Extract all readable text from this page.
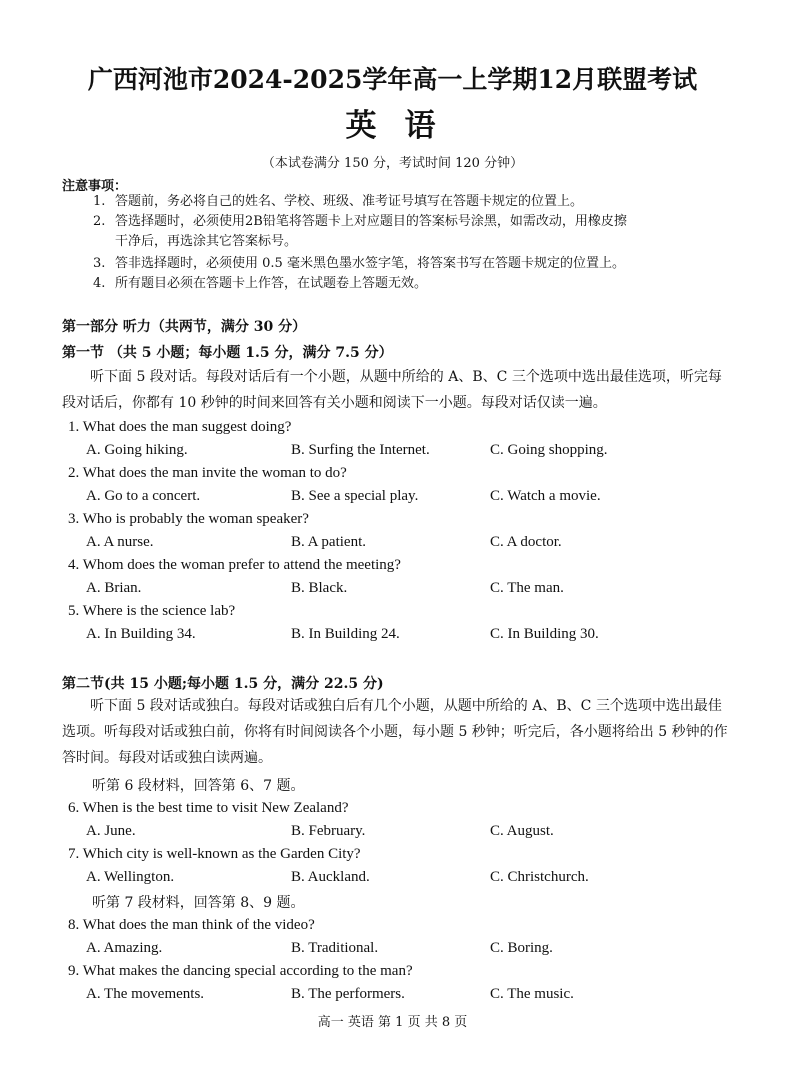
广西河池市2024-2025学年高一上学期12月联盟考试
英语
（本试卷满分 150 分，考试时间 120 分钟）
注意事项：
1. 答题前，务必将自己的姓名、学校、班级、准考证号填写在答题卡规定的位置上。
2. 答选择题时，必须使用2B铅笔将答题卡上对应题目的答案标号涂黑，如需改动，用橡皮擦
干净后，再选涂其它答案标号。
3. 答非选择题时，必须使用 0.5 毫米黑色墨水签字笔，将答案书写在答题卡规定的位置上。
4. 所有题目必须在答题卡上作答，在试题卷上答题无效。
第一部分 听力（共两节，满分 30 分）
第一节 （共 5 小题；每小题 1.5 分，满分 7.5 分）
听下面 5 段对话。每段对话后有一个小题，从题中所给的 A、B、C 三个选项中选出最佳选项，听完每段对话后，你都有 10 秒钟的时间来回答有关小题和阅读下一小题。每段对话仅读一遍。
1. What does the man suggest doing?
A. Going hiking.	B. Surfing the Internet.	C. Going shopping.
2. What does the man invite the woman to do?
A. Go to a concert.	B. See a special play.	C. Watch a movie.
3. Who is probably the woman speaker?
A. A nurse.	B. A patient.	C. A doctor.
4. Whom does the woman prefer to attend the meeting?
A. Brian.	B. Black.	C. The man.
5. Where is the science lab?
A. In Building 34.	B. In Building 24.	C. In Building 30.
第二节(共 15 小题;每小题 1.5 分，满分 22.5 分)
听下面 5 段对话或独白。每段对话或独白后有几个小题，从题中所给的 A、B、C 三个选项中选出最佳选项。听每段对话或独白前，你将有时间阅读各个小题，每小题 5 秒钟；听完后，各小题将给出 5 秒钟的作答时间。每段对话或独白读两遍。
听第 6 段材料，回答第 6、7 题。
6. When is the best time to visit New Zealand?
A. June.	B. February.	C. August.
7. Which city is well-known as the Garden City?
A. Wellington.	B. Auckland.	C. Christchurch.
听第 7 段材料，回答第 8、9 题。
8. What does the man think of the video?
A. Amazing.	B. Traditional.	C. Boring.
9. What makes the dancing special according to the man?
A. The movements.	B. The performers.	C. The music.
高一 英语 第 1 页 共 8 页
